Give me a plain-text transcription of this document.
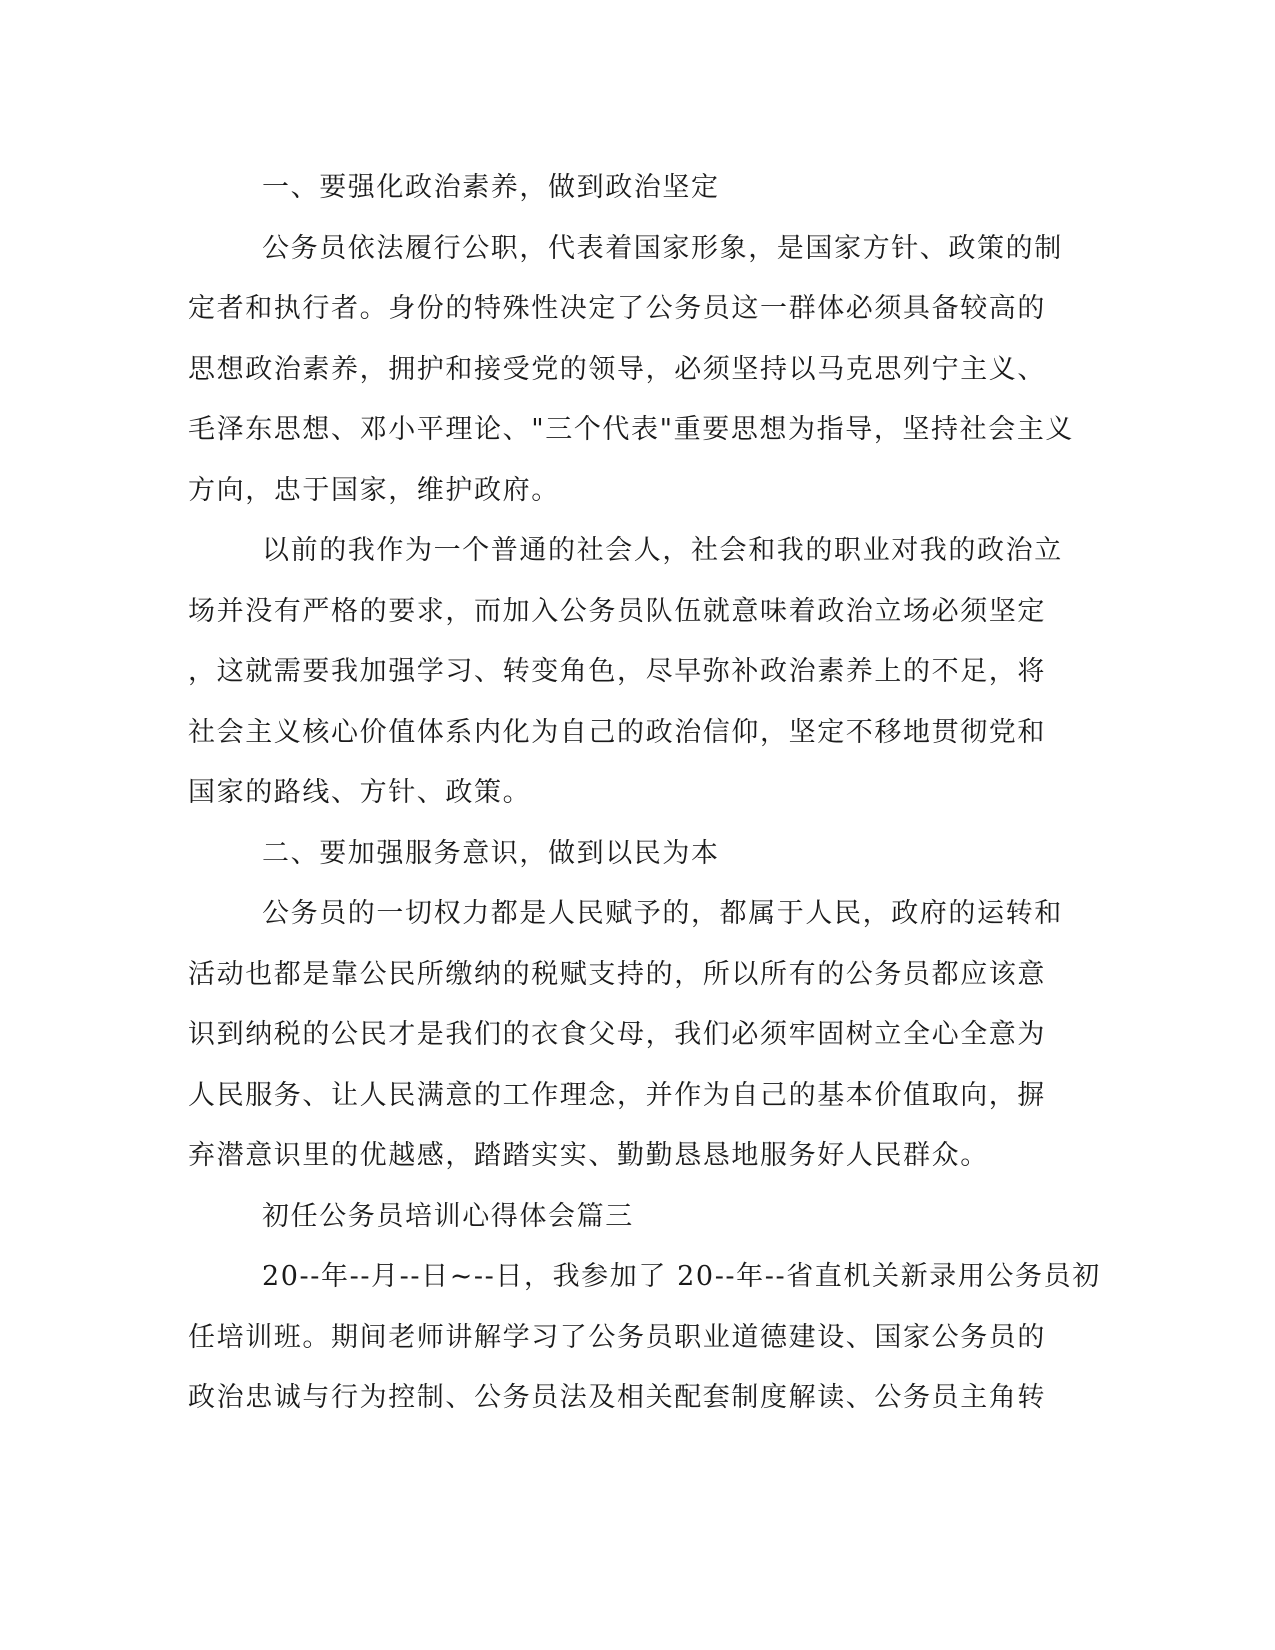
一、要强化政治素养，做到政治坚定
公务员依法履行公职，代表着国家形象，是国家方针、政策的制
定者和执行者。身份的特殊性决定了公务员这一群体必须具备较高的
思想政治素养，拥护和接受党的领导，必须坚持以马克思列宁主义、
毛泽东思想、邓小平理论、"三个代表"重要思想为指导，坚持社会主义
方向，忠于国家，维护政府。
以前的我作为一个普通的社会人，社会和我的职业对我的政治立
场并没有严格的要求，而加入公务员队伍就意味着政治立场必须坚定
，这就需要我加强学习、转变角色，尽早弥补政治素养上的不足，将
社会主义核心价值体系内化为自己的政治信仰，坚定不移地贯彻党和
国家的路线、方针、政策。
二、要加强服务意识，做到以民为本
公务员的一切权力都是人民赋予的，都属于人民，政府的运转和
活动也都是靠公民所缴纳的税赋支持的，所以所有的公务员都应该意
识到纳税的公民才是我们的衣食父母，我们必须牢固树立全心全意为
人民服务、让人民满意的工作理念，并作为自己的基本价值取向，摒
弃潜意识里的优越感，踏踏实实、勤勤恳恳地服务好人民群众。
初任公务员培训心得体会篇三
20--年--月--日~--日，我参加了 20--年--省直机关新录用公务员初
任培训班。期间老师讲解学习了公务员职业道德建设、国家公务员的
政治忠诚与行为控制、公务员法及相关配套制度解读、公务员主角转
